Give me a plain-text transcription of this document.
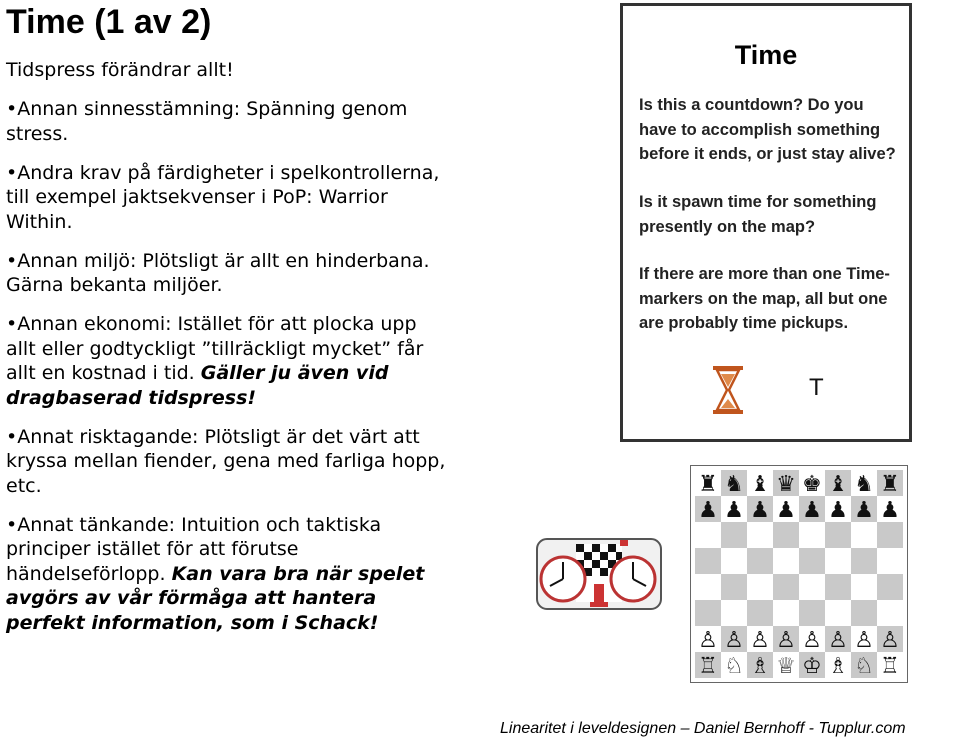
Time (1 av 2)

Tidspress förändrar allt!

•Annan sinnesstämning: Spänning genom stress.

•Andra krav på färdigheter i spelkontrollerna, till exempel jaktsekvenser i PoP: Warrior Within.

•Annan miljö: Plötsligt är allt en hinderbana. Gärna bekanta miljöer.

•Annan ekonomi: Istället för att plocka upp allt eller godtyckligt ”tillräckligt mycket” får allt en kostnad i tid. Gäller ju även vid dragbaserad tidspress!

•Annat risktagande: Plötsligt är det värt att kryssa mellan fiender, gena med farliga hopp, etc.

•Annat tänkande: Intuition och taktiska principer istället för att förutse händelseförlopp. Kan vara bra när spelet avgörs av vår förmåga att hantera perfekt information, som i Schack!

Time

Is this a countdown? Do you have to accomplish something before it ends, or just stay alive?

Is it spawn time for something presently on the map?

If there are more than one Time-markers on the map, all but one are probably time pickups.

T
♜ ♞ ♝ ♛ ♚ ♝ ♞ ♜
♟ ♟ ♟ ♟ ♟ ♟ ♟ ♟
♙ ♙ ♙ ♙ ♙ ♙ ♙ ♙
♖ ♘ ♗ ♕ ♔ ♗ ♘ ♖
Linearitet i leveldesignen – Daniel Bernhoff - Tupplur.com
